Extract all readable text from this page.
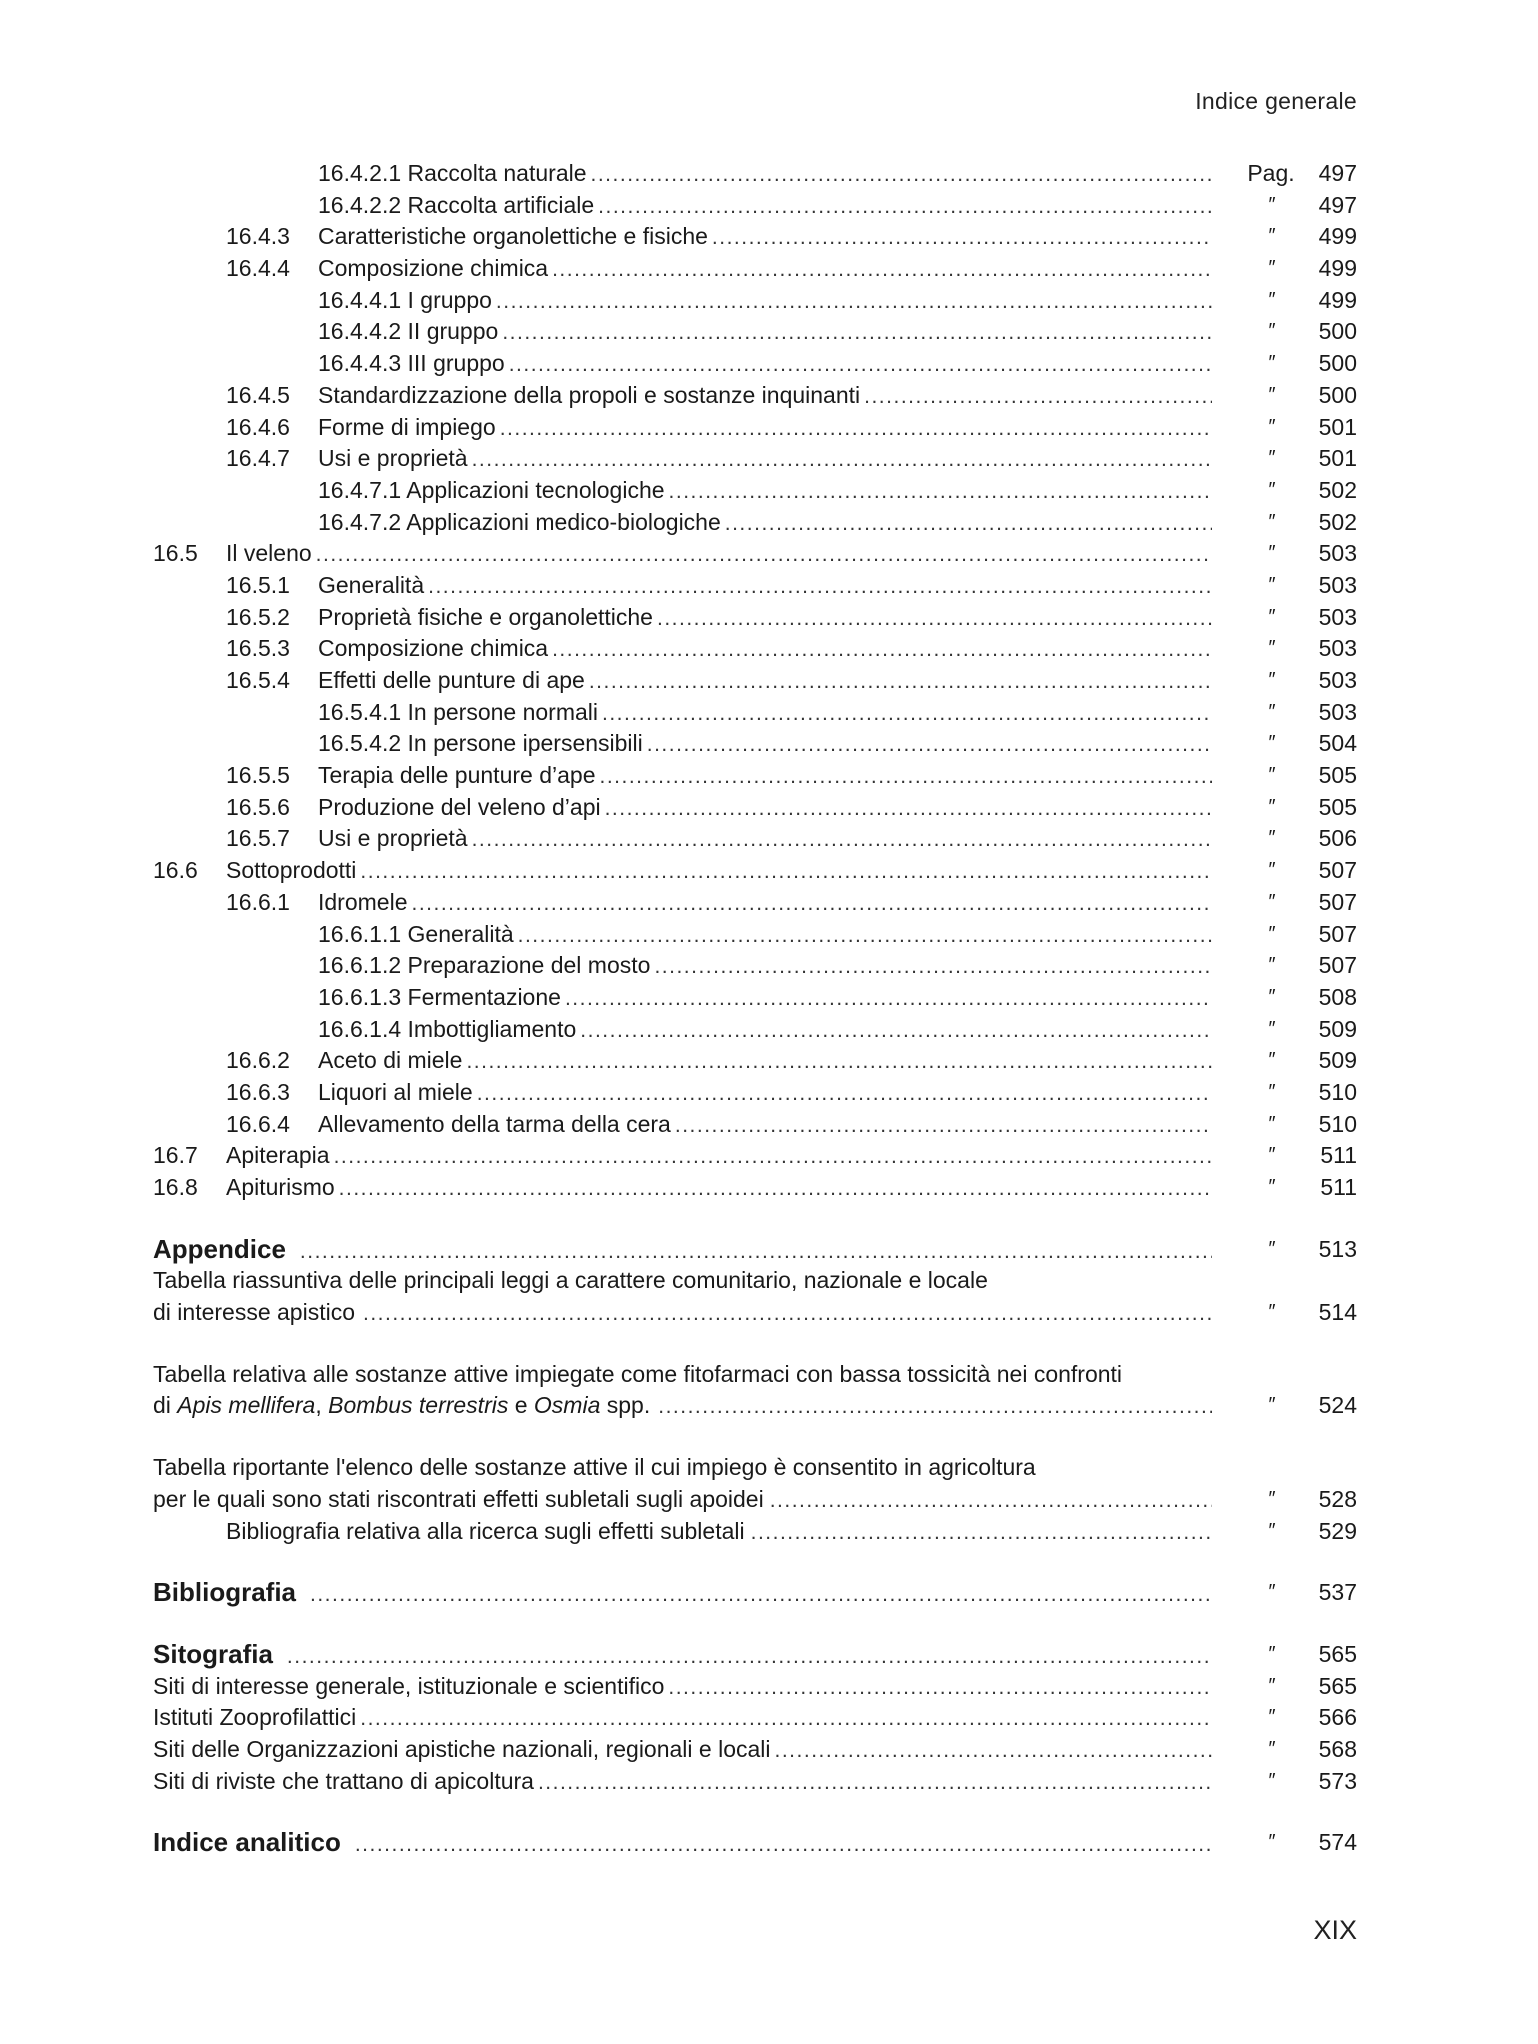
Indice generale
16.4.2.1 Raccolta naturale .....	Pag. 497
16.4.2.2 Raccolta artificiale .....	″	497
16.4.3 Caratteristiche organolettiche e fisiche .....	″	499
16.4.4 Composizione chimica .....	″	499
16.4.4.1 I gruppo .....	″	499
16.4.4.2 II gruppo .....	″	500
16.4.4.3 III gruppo .....	″	500
16.4.5 Standardizzazione della propoli e sostanze inquinanti .....	″	500
16.4.6 Forme di impiego .....	″	501
16.4.7 Usi e proprietà .....	″	501
16.4.7.1 Applicazioni tecnologiche .....	″	502
16.4.7.2 Applicazioni medico-biologiche .....	″	502
16.5 Il veleno .....	″	503
16.5.1 Generalità .....	″	503
16.5.2 Proprietà fisiche e organolettiche .....	″	503
16.5.3 Composizione chimica .....	″	503
16.5.4 Effetti delle punture di ape .....	″	503
16.5.4.1 In persone normali .....	″	503
16.5.4.2 In persone ipersensibili .....	″	504
16.5.5 Terapia delle punture d’ape .....	″	505
16.5.6 Produzione del veleno d’api .....	″	505
16.5.7 Usi e proprietà .....	″	506
16.6 Sottoprodotti .....	″	507
16.6.1 Idromele .....	″	507
16.6.1.1 Generalità .....	″	507
16.6.1.2 Preparazione del mosto .....	″	507
16.6.1.3 Fermentazione .....	″	508
16.6.1.4 Imbottigliamento .....	″	509
16.6.2 Aceto di miele .....	″	509
16.6.3 Liquori al miele .....	″	510
16.6.4 Allevamento della tarma della cera .....	″	510
16.7 Apiterapia .....	″	511
16.8 Apiturismo .....	″	511
Appendice .....	″	513
Tabella riassuntiva delle principali leggi a carattere comunitario, nazionale e locale
di interesse apistico .....	″	514
Tabella relativa alle sostanze attive impiegate come fitofarmaci con bassa tossicità nei confronti
di Apis mellifera, Bombus terrestris e Osmia spp. .....	″	524
Tabella riportante l'elenco delle sostanze attive il cui impiego è consentito in agricoltura
per le quali sono stati riscontrati effetti subletali sugli apoidei .....	″	528
Bibliografia relativa alla ricerca sugli effetti subletali .....	″	529
Bibliografia .....	″	537
Sitografia .....	″	565
Siti di interesse generale, istituzionale e scientifico .....	″	565
Istituti Zooprofilattici .....	″	566
Siti delle Organizzazioni apistiche nazionali, regionali e locali .....	″	568
Siti di riviste che trattano di apicoltura .....	″	573
Indice analitico .....	″	574
XIX
